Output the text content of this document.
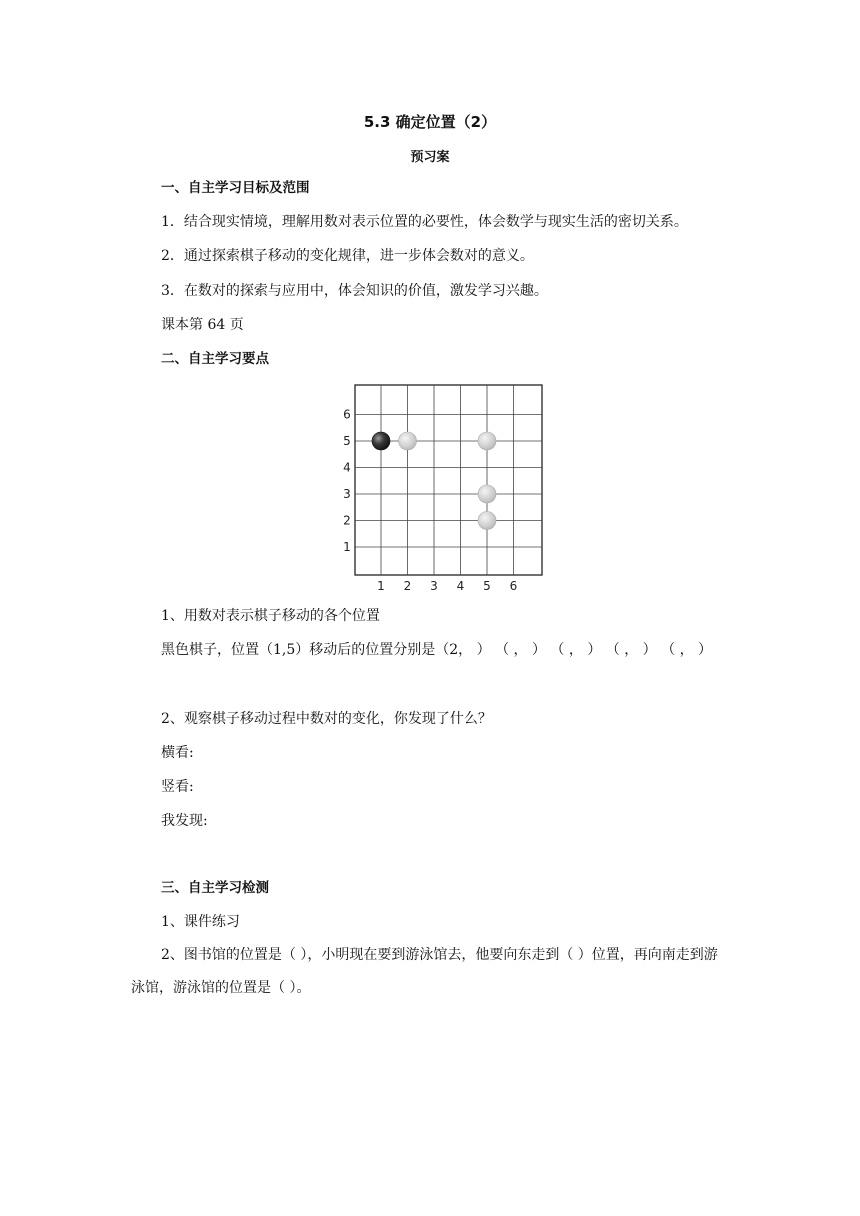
5.3 确定位置（2）
预习案

一、自主学习目标及范围

1．结合现实情境，理解用数对表示位置的必要性，体会数学与现实生活的密切关系。

2．通过探索棋子移动的变化规律，进一步体会数对的意义。

3．在数对的探索与应用中，体会知识的价值，激发学习兴趣。

课本第 64 页

二、自主学习要点

1 2 3 4 5 6
1
2
3
4
5
6

1、用数对表示棋子移动的各个位置

黑色棋子，位置（1,5）移动后的位置分别是（2， ） （ ， ） （ ， ） （ ， ） （ ， ）

2、观察棋子移动过程中数对的变化，你发现了什么？

横看:

竖看:

我发现:

三、自主学习检测

1、课件练习

2、图书馆的位置是（ ），小明现在要到游泳馆去，他要向东走到（ ）位置，再向南走到游泳馆，游泳馆的位置是（ ）。
